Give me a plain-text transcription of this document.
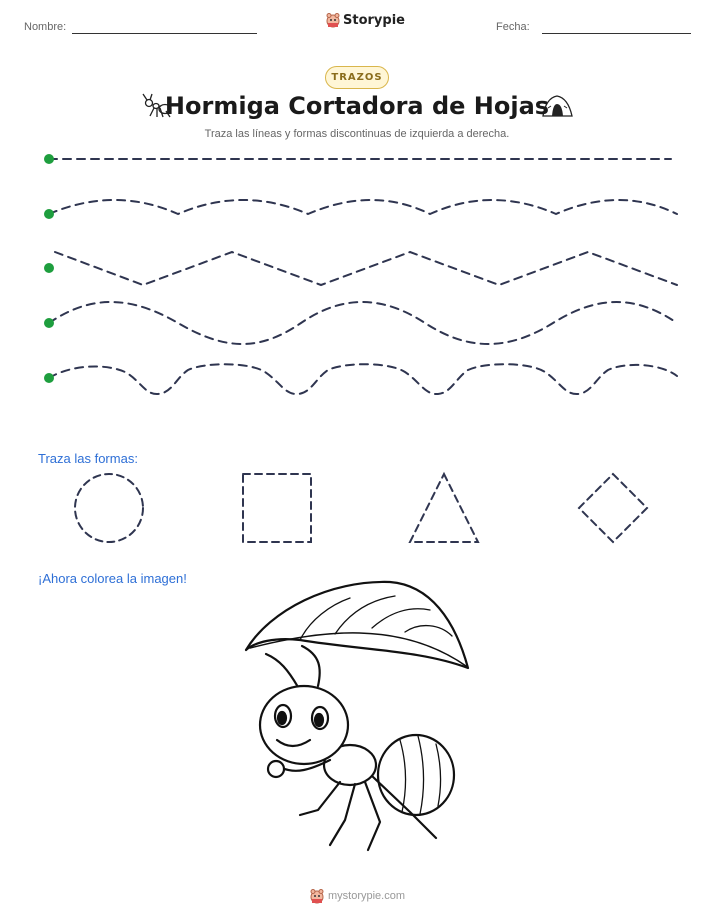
Nombre:	Storypie	Fecha:
TRAZOS
Hormiga Cortadora de Hojas
Traza las líneas y formas discontinuas de izquierda a derecha.
Traza las formas:
¡Ahora colorea la imagen!
mystorypie.com
